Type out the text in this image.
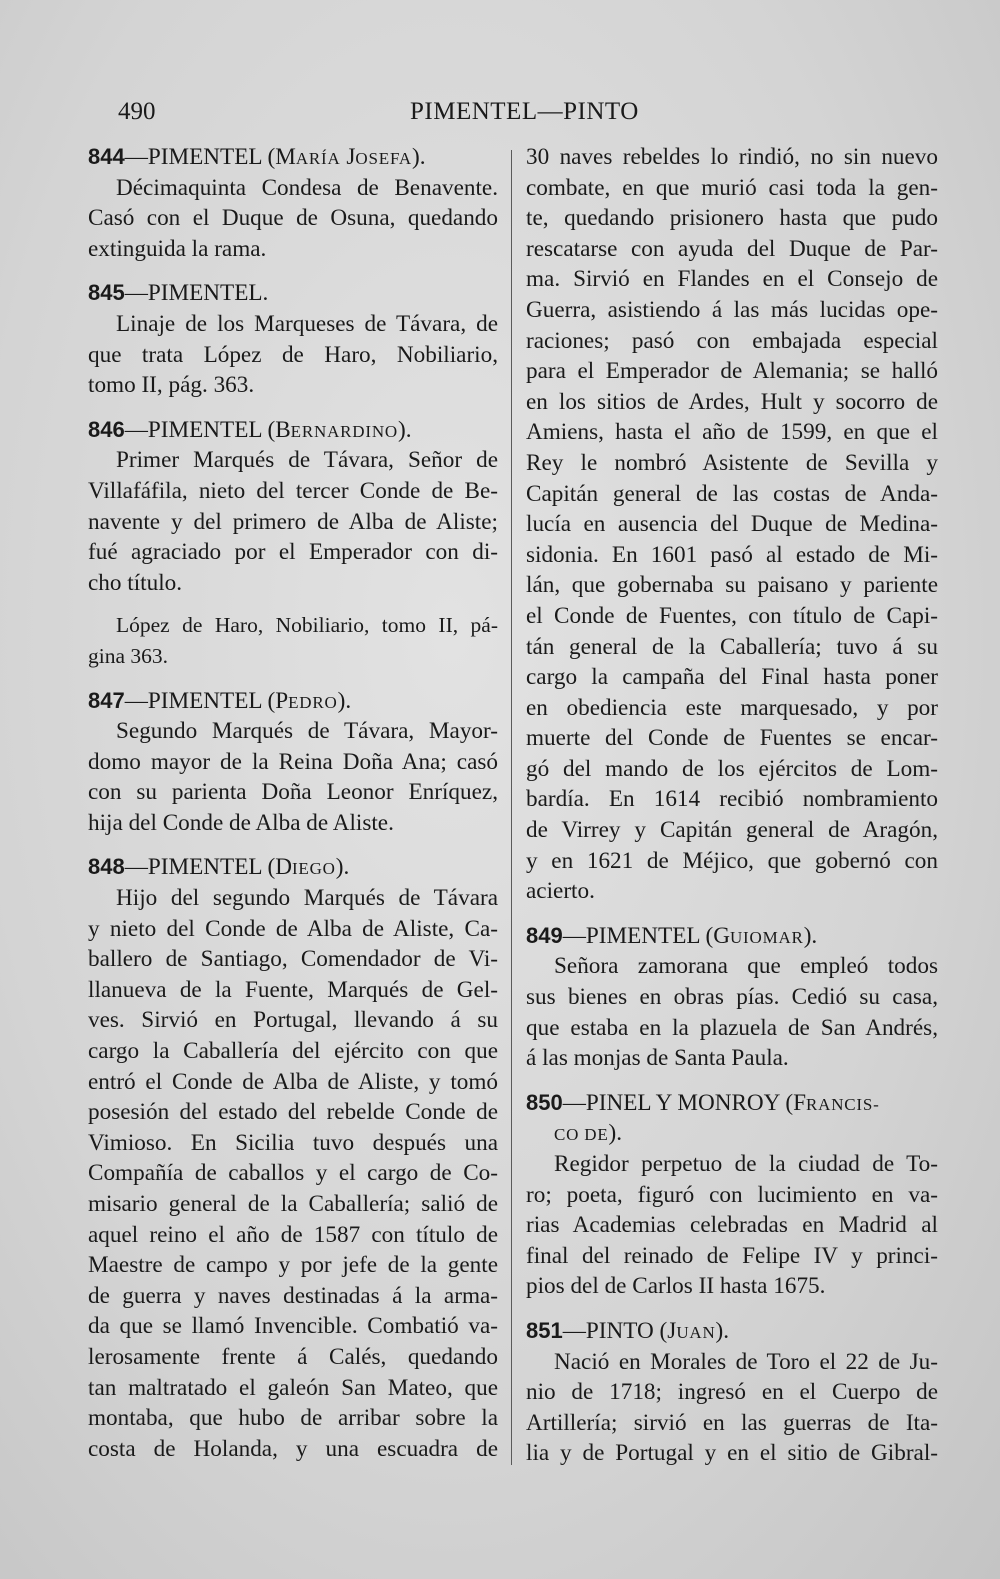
490	PIMENTEL—PINTO
844—PIMENTEL (MARÍA JOSEFA).
Décimaquinta Condesa de Benavente.
Casó con el Duque de Osuna, quedando
extinguida la rama.
845—PIMENTEL.
Linaje de los Marqueses de Távara, de
que trata López de Haro, Nobiliario,
tomo II, pág. 363.
846—PIMENTEL (BERNARDINO).
Primer Marqués de Távara, Señor de
Villafáfila, nieto del tercer Conde de Be-
navente y del primero de Alba de Aliste;
fué agraciado por el Emperador con di-
cho título.
López de Haro, Nobiliario, tomo II, pá-
gina 363.
847—PIMENTEL (PEDRO).
Segundo Marqués de Távara, Mayor-
domo mayor de la Reina Doña Ana; casó
con su parienta Doña Leonor Enríquez,
hija del Conde de Alba de Aliste.
848—PIMENTEL (DIEGO).
Hijo del segundo Marqués de Távara
y nieto del Conde de Alba de Aliste, Ca-
ballero de Santiago, Comendador de Vi-
llanueva de la Fuente, Marqués de Gel-
ves. Sirvió en Portugal, llevando á su
cargo la Caballería del ejército con que
entró el Conde de Alba de Aliste, y tomó
posesión del estado del rebelde Conde de
Vimioso. En Sicilia tuvo después una
Compañía de caballos y el cargo de Co-
misario general de la Caballería; salió de
aquel reino el año de 1587 con título de
Maestre de campo y por jefe de la gente
de guerra y naves destinadas á la arma-
da que se llamó Invencible. Combatió va-
lerosamente frente á Calés, quedando
tan maltratado el galeón San Mateo, que
montaba, que hubo de arribar sobre la
costa de Holanda, y una escuadra de
30 naves rebeldes lo rindió, no sin nuevo
combate, en que murió casi toda la gen-
te, quedando prisionero hasta que pudo
rescatarse con ayuda del Duque de Par-
ma. Sirvió en Flandes en el Consejo de
Guerra, asistiendo á las más lucidas ope-
raciones; pasó con embajada especial
para el Emperador de Alemania; se halló
en los sitios de Ardes, Hult y socorro de
Amiens, hasta el año de 1599, en que el
Rey le nombró Asistente de Sevilla y
Capitán general de las costas de Anda-
lucía en ausencia del Duque de Medina-
sidonia. En 1601 pasó al estado de Mi-
lán, que gobernaba su paisano y pariente
el Conde de Fuentes, con título de Capi-
tán general de la Caballería; tuvo á su
cargo la campaña del Final hasta poner
en obediencia este marquesado, y por
muerte del Conde de Fuentes se encar-
gó del mando de los ejércitos de Lom-
bardía. En 1614 recibió nombramiento
de Virrey y Capitán general de Aragón,
y en 1621 de Méjico, que gobernó con
acierto.
849—PIMENTEL (GUIOMAR).
Señora zamorana que empleó todos
sus bienes en obras pías. Cedió su casa,
que estaba en la plazuela de San Andrés,
á las monjas de Santa Paula.
850—PINEL Y MONROY (FRANCIS-
CO DE).
Regidor perpetuo de la ciudad de To-
ro; poeta, figuró con lucimiento en va-
rias Academias celebradas en Madrid al
final del reinado de Felipe IV y princi-
pios del de Carlos II hasta 1675.
851—PINTO (JUAN).
Nació en Morales de Toro el 22 de Ju-
nio de 1718; ingresó en el Cuerpo de
Artillería; sirvió en las guerras de Ita-
lia y de Portugal y en el sitio de Gibral-
